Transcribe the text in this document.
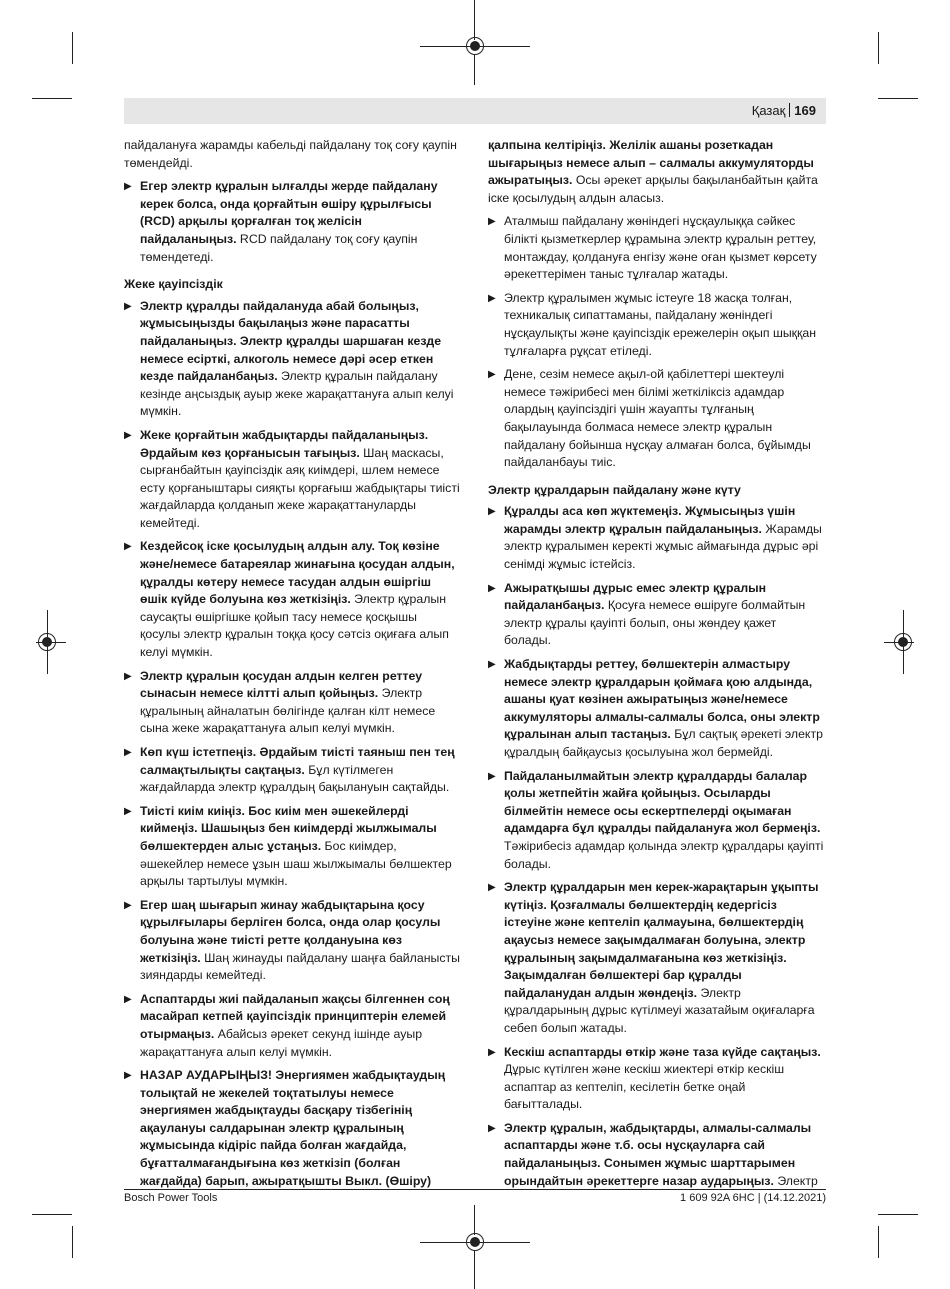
Қазақ 169

пайдалануға жарамды кабельді пайдалану тоқ соғу қаупін төмендейді.

▶ Егер электр құралын ылғалды жерде пайдалану керек болса, онда қорғайтын өшіру құрылғысы (RCD) арқылы қорғалған тоқ желісін пайдаланыңыз. RCD пайдалану тоқ соғу қаупін төмендетеді.
Жеке қауіпсіздік
▶ Электр құралды пайдалануда абай болыңыз, жұмысыңызды бақылаңыз және парасатты пайдаланыңыз. Электр құралды шаршаған кезде немесе есірткі, алкоголь немесе дәрі әсер еткен кезде пайдаланбаңыз. Электр құралын пайдалану кезінде аңсыздық ауыр жеке жарақаттануға алып келуі мүмкін.
▶ Жеке қорғайтын жабдықтарды пайдаланыңыз. Әрдайым көз қорғанысын тағыңыз. Шаң маскасы, сырғанбайтын қауіпсіздік аяқ киімдері, шлем немесе есту қорғаныштары сияқты қорғағыш жабдықтары тиісті жағдайларда қолданып жеке жарақаттануларды кемейтеді.
▶ Кездейсоқ іске қосылудың алдын алу. Тоқ көзіне және/немесе батареялар жинағына қосудан алдын, құралды көтеру немесе тасудан алдын өшіргіш өшік күйде болуына көз жеткізіңіз. Электр құралын саусақты өшіргішке қойып тасу немесе қосқышы қосулы электр құралын тоққа қосу сәтсіз оқиғаға алып келуі мүмкін.
▶ Электр құралын қосудан алдын келген реттеу сынасын немесе кілтті алып қойыңыз. Электр құралының айналатын бөлігінде қалған кілт немесе сына жеке жарақаттануға алып келуі мүмкін.
▶ Көп күш істетпеңіз. Әрдайым тиісті таяныш пен тең салмақтылықты сақтаңыз. Бұл күтілмеген жағдайларда электр құралдың бақылануын сақтайды.
▶ Тиісті киім киіңіз. Бос киім мен әшекейлерді киймеңіз. Шашыңыз бен киімдерді жылжымалы бөлшектерден алыс ұстаңыз. Бос киімдер, әшекейлер немесе ұзын шаш жылжымалы бөлшектер арқылы тартылуы мүмкін.
▶ Егер шаң шығарып жинау жабдықтарына қосу құрылғылары берліген болса, онда олар қосулы болуына және тиісті ретте қолдануына көз жеткізіңіз. Шаң жинауды пайдалану шаңға байланысты зияндарды кемейтеді.
▶ Аспаптарды жиі пайдаланып жақсы білгеннен соң масайрап кетпей қауіпсіздік принциптерін елемей отырмаңыз. Абайсыз әрекет секунд ішінде ауыр жарақаттануға алып келуі мүмкін.
▶ НАЗАР АУДАРЫҢЫЗ! Энергиямен жабдықтаудың толықтай не жекелей тоқтатылуы немесе энергиямен жабдықтауды басқару тізбегінің ақаулануы салдарынан электр құралының жұмысында кідіріс пайда болған жағдайда, бұғатталмағандығына көз жеткізіп (болған жағдайда) барып, ажыратқышты Выкл. (Өшіру)

қалпына келтіріңіз. Желілік ашаны розеткадан шығарыңыз немесе алып – салмалы аккумуляторды ажыратыңыз. Осы әрекет арқылы бақыланбайтын қайта іске қосылудың алдын аласыз.

▶ Аталмыш пайдалану жөніндегі нұсқаулыққа сәйкес білікті қызметкерлер құрамына электр құралын реттеу, монтаждау, қолдануға енгізу және оған қызмет көрсету әрекеттерімен таныс тұлғалар жатады.
▶ Электр құралымен жұмыс істеуге 18 жасқа толған, техникалық сипаттаманы, пайдалану жөніндегі нұсқаулықты және қауіпсіздік ережелерін оқып шыққан тұлғаларға рұқсат етіледі.
▶ Дене, сезім немесе ақыл-ой қабілеттері шектеулі немесе тәжірибесі мен білімі жеткіліксіз адамдар олардың қауіпсіздігі үшін жауапты тұлғаның бақылауында болмаса немесе электр құралын пайдалану бойынша нұсқау алмаған болса, бұйымды пайдаланбауы тиіс.
Электр құралдарын пайдалану және күту
▶ Құралды аса көп жүктемеңіз. Жұмысыңыз үшін жарамды электр құралын пайдаланыңыз. Жарамды электр құралымен керекті жұмыс аймағында дұрыс әрі сенімді жұмыс істейсіз.
▶ Ажыратқышы дұрыс емес электр құралын пайдаланбаңыз. Қосуға немесе өшіруге болмайтын электр құралы қауіпті болып, оны жөндеу қажет болады.
▶ Жабдықтарды реттеу, бөлшектерін алмастыру немесе электр құралдарын қоймаға қою алдында, ашаны қуат көзінен ажыратыңыз және/немесе аккумуляторы алмалы-салмалы болса, оны электр құралынан алып тастаңыз. Бұл сақтық әрекеті электр құралдың байқаусыз қосылуына жол бермейді.
▶ Пайдаланылмайтын электр құралдарды балалар қолы жетпейтін жайға қойыңыз. Осыларды білмейтін немесе осы ескертпелерді оқымаған адамдарға бұл құралды пайдалануға жол бермеңіз. Тәжірибесіз адамдар қолында электр құралдары қауіпті болады.
▶ Электр құралдарын мен керек-жарақтарын ұқыпты күтіңіз. Қозғалмалы бөлшектердің кедергісіз істеуіне және кептеліп қалмауына, бөлшектердің ақаусыз немесе зақымдалмаған болуына, электр құралының зақымдалмағанына көз жеткізіңіз. Зақымдалған бөлшектері бар құралды пайдаланудан алдын жөндеңіз. Электр құралдарының дұрыс күтілмеуі жазатайым оқиғаларға себеп болып жатады.
▶ Кескіш аспаптарды өткір және таза күйде сақтаңыз. Дұрыс күтілген және кескіш жиектері өткір кескіш аспаптар аз кептеліп, кесілетін бетке оңай бағытталады.
▶ Электр құралын, жабдықтарды, алмалы-салмалы аспаптарды және т.б. осы нұсқауларға сай пайдаланыңыз. Сонымен жұмыс шарттарымен орындайтын әрекеттерге назар аударыңыз. Электр
Bosch Power Tools	1 609 92A 6HC | (14.12.2021)
